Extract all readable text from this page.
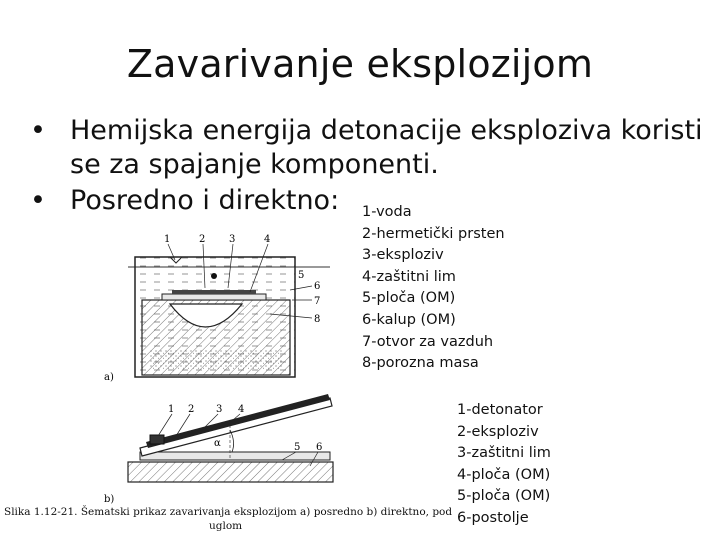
Zavarivanje eksplozijom
• Hemijska energija detonacije eksploziva koristi se za spajanje komponenti.
• Posredno i direktno:
1	2 3	4
5
6
7
8
a)
α
1 2 3 4
5 6
b)
1-voda
2-hermetički prsten
3-eksploziv
4-zaštitni lim
5-ploča (OM)
6-kalup (OM)
7-otvor za vazduh
8-porozna masa
1-detonator
2-eksploziv
3-zaštitni lim
4-ploča (OM)
5-ploča (OM)
6-postolje
Slika 1.12-21. Šematski prikaz zavarivanja eksplozijom a) posredno b) direktno, pod
uglom
